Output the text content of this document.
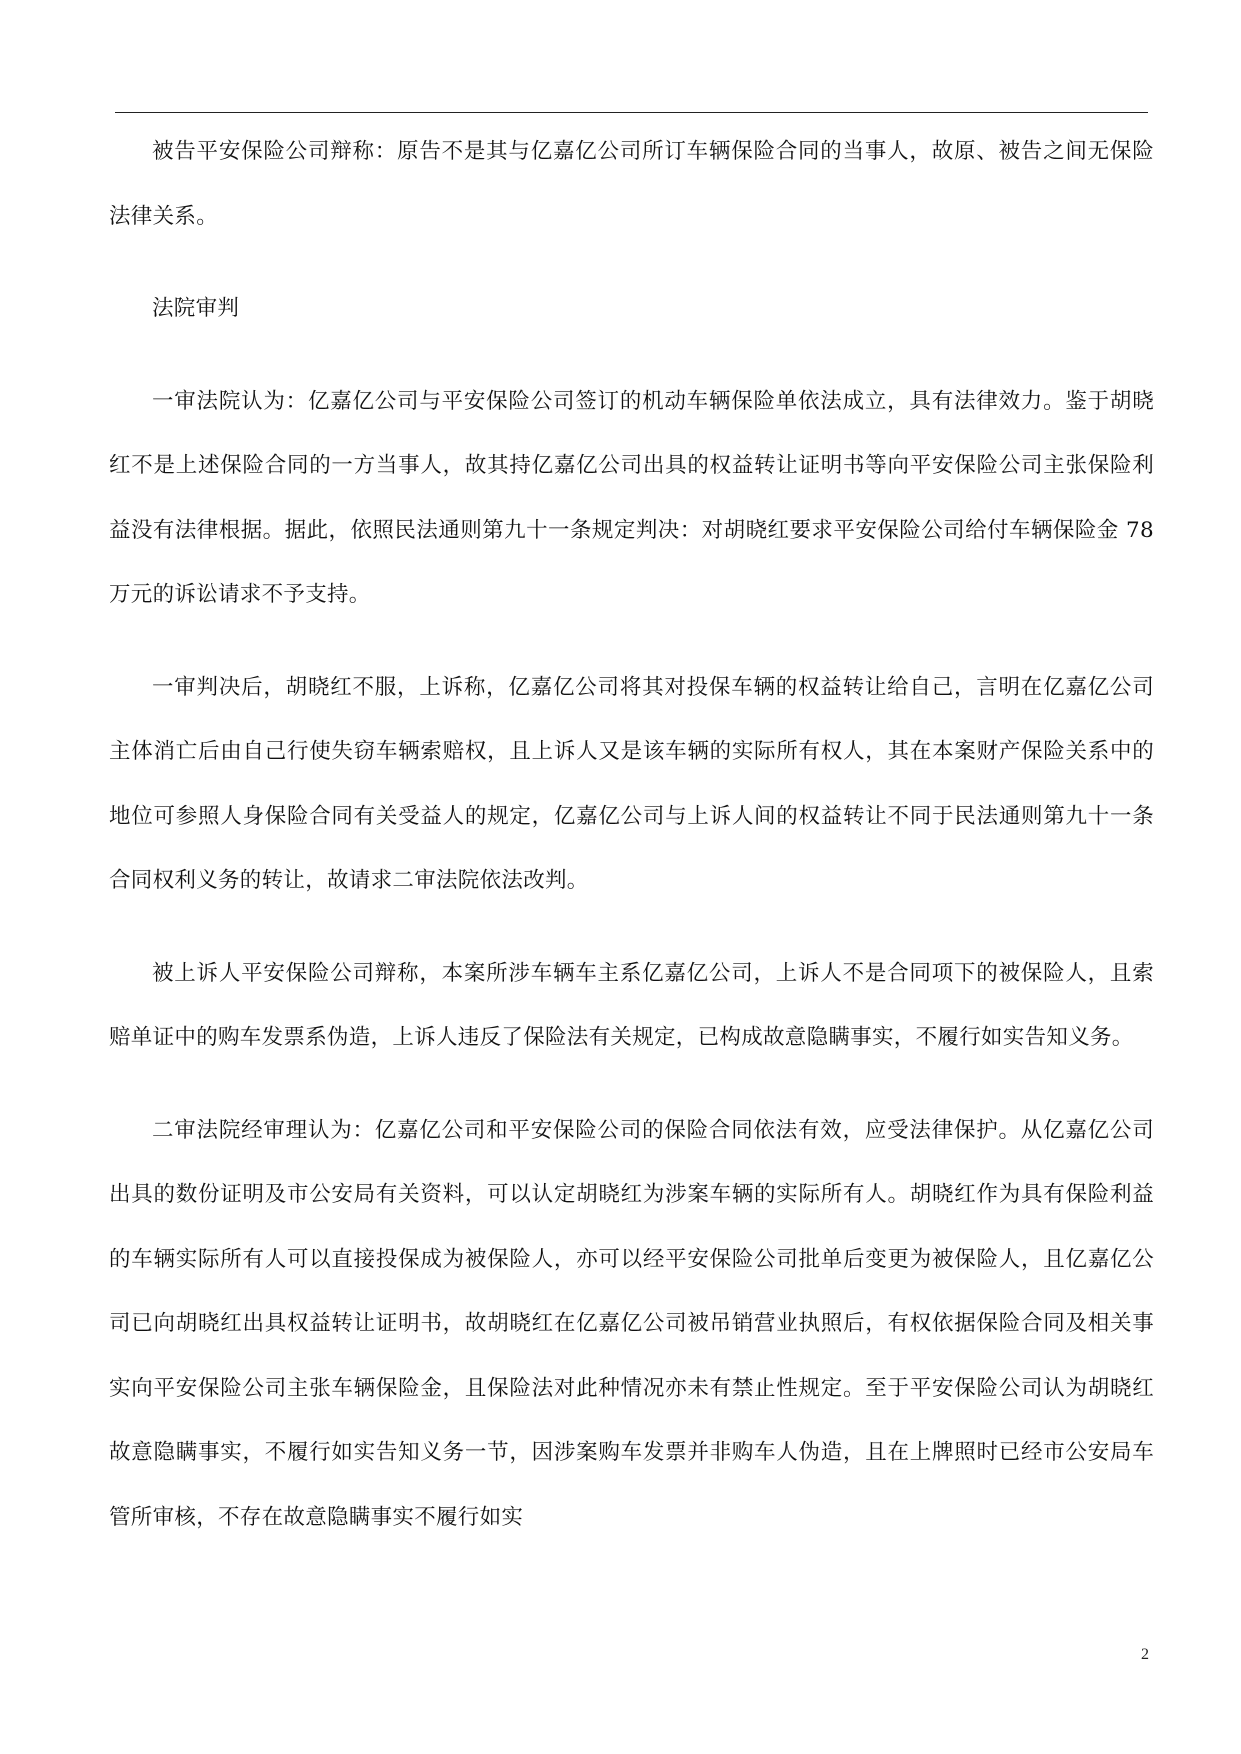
被告平安保险公司辩称：原告不是其与亿嘉亿公司所订车辆保险合同的当事人，故原、被告之间无保险法律关系。

法院审判

一审法院认为：亿嘉亿公司与平安保险公司签订的机动车辆保险单依法成立，具有法律效力。鉴于胡晓红不是上述保险合同的一方当事人，故其持亿嘉亿公司出具的权益转让证明书等向平安保险公司主张保险利益没有法律根据。据此，依照民法通则第九十一条规定判决：对胡晓红要求平安保险公司给付车辆保险金 78 万元的诉讼请求不予支持。

一审判决后，胡晓红不服，上诉称，亿嘉亿公司将其对投保车辆的权益转让给自己，言明在亿嘉亿公司主体消亡后由自己行使失窃车辆索赔权，且上诉人又是该车辆的实际所有权人，其在本案财产保险关系中的地位可参照人身保险合同有关受益人的规定，亿嘉亿公司与上诉人间的权益转让不同于民法通则第九十一条合同权利义务的转让，故请求二审法院依法改判。

被上诉人平安保险公司辩称，本案所涉车辆车主系亿嘉亿公司，上诉人不是合同项下的被保险人，且索赔单证中的购车发票系伪造，上诉人违反了保险法有关规定，已构成故意隐瞒事实，不履行如实告知义务。

二审法院经审理认为：亿嘉亿公司和平安保险公司的保险合同依法有效，应受法律保护。从亿嘉亿公司出具的数份证明及市公安局有关资料，可以认定胡晓红为涉案车辆的实际所有人。胡晓红作为具有保险利益的车辆实际所有人可以直接投保成为被保险人，亦可以经平安保险公司批单后变更为被保险人，且亿嘉亿公司已向胡晓红出具权益转让证明书，故胡晓红在亿嘉亿公司被吊销营业执照后，有权依据保险合同及相关事实向平安保险公司主张车辆保险金，且保险法对此种情况亦未有禁止性规定。至于平安保险公司认为胡晓红故意隐瞒事实，不履行如实告知义务一节，因涉案购车发票并非购车人伪造，且在上牌照时已经市公安局车管所审核，不存在故意隐瞒事实不履行如实

2
